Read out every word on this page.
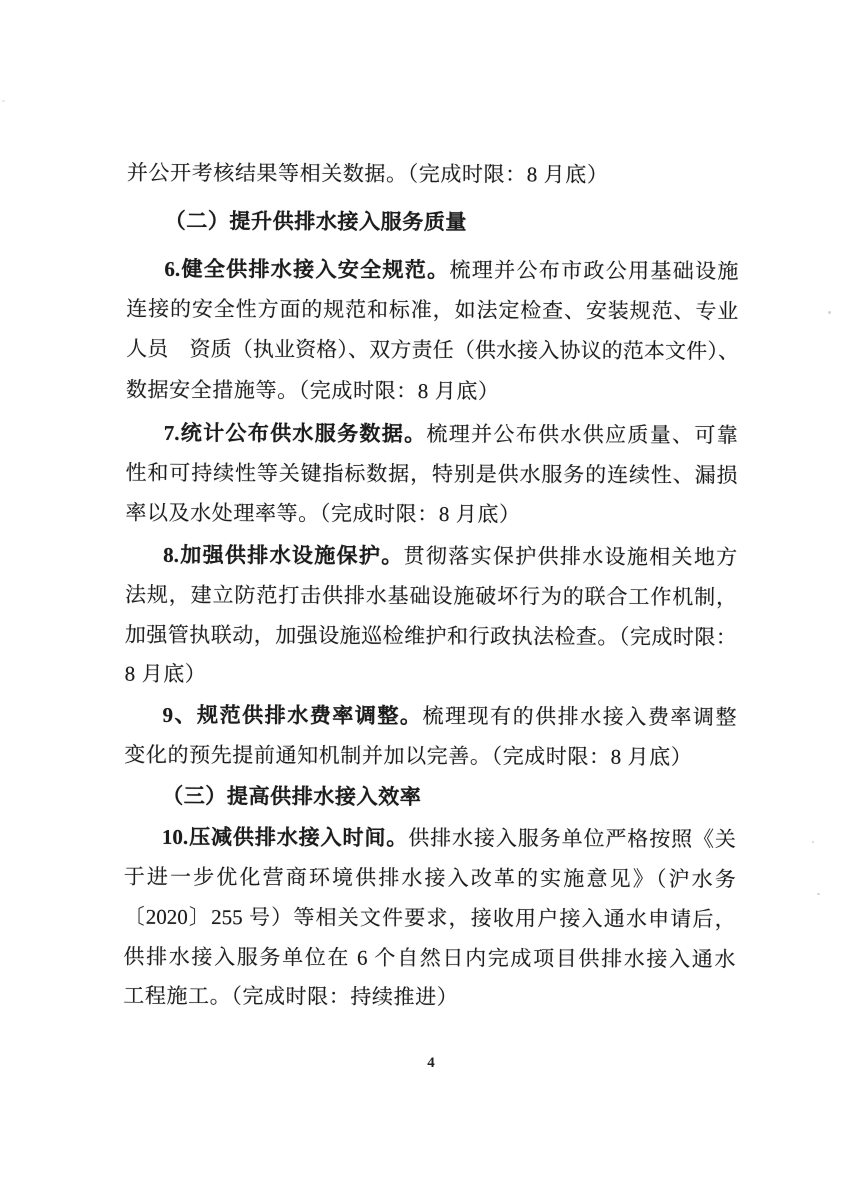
并公开考核结果等相关数据。（完成时限：8 月底）
（二）提升供排水接入服务质量
6.健全供排水接入安全规范。梳理并公布市政公用基础设施
连接的安全性方面的规范和标准，如法定检查、安装规范、专业
人员　资质（执业资格）、双方责任（供水接入协议的范本文件）、
数据安全措施等。（完成时限：8 月底）
7.统计公布供水服务数据。梳理并公布供水供应质量、可靠
性和可持续性等关键指标数据，特别是供水服务的连续性、漏损
率以及水处理率等。（完成时限：8 月底）
8.加强供排水设施保护。贯彻落实保护供排水设施相关地方
法规，建立防范打击供排水基础设施破坏行为的联合工作机制，
加强管执联动，加强设施巡检维护和行政执法检查。（完成时限：
8 月底）
9、规范供排水费率调整。梳理现有的供排水接入费率调整
变化的预先提前通知机制并加以完善。（完成时限：8 月底）
（三）提高供排水接入效率
10.压减供排水接入时间。供排水接入服务单位严格按照《关
于进一步优化营商环境供排水接入改革的实施意见》（沪水务
〔2020〕255 号）等相关文件要求，接收用户接入通水申请后，
供排水接入服务单位在 6 个自然日内完成项目供排水接入通水
工程施工。（完成时限：持续推进）
4
